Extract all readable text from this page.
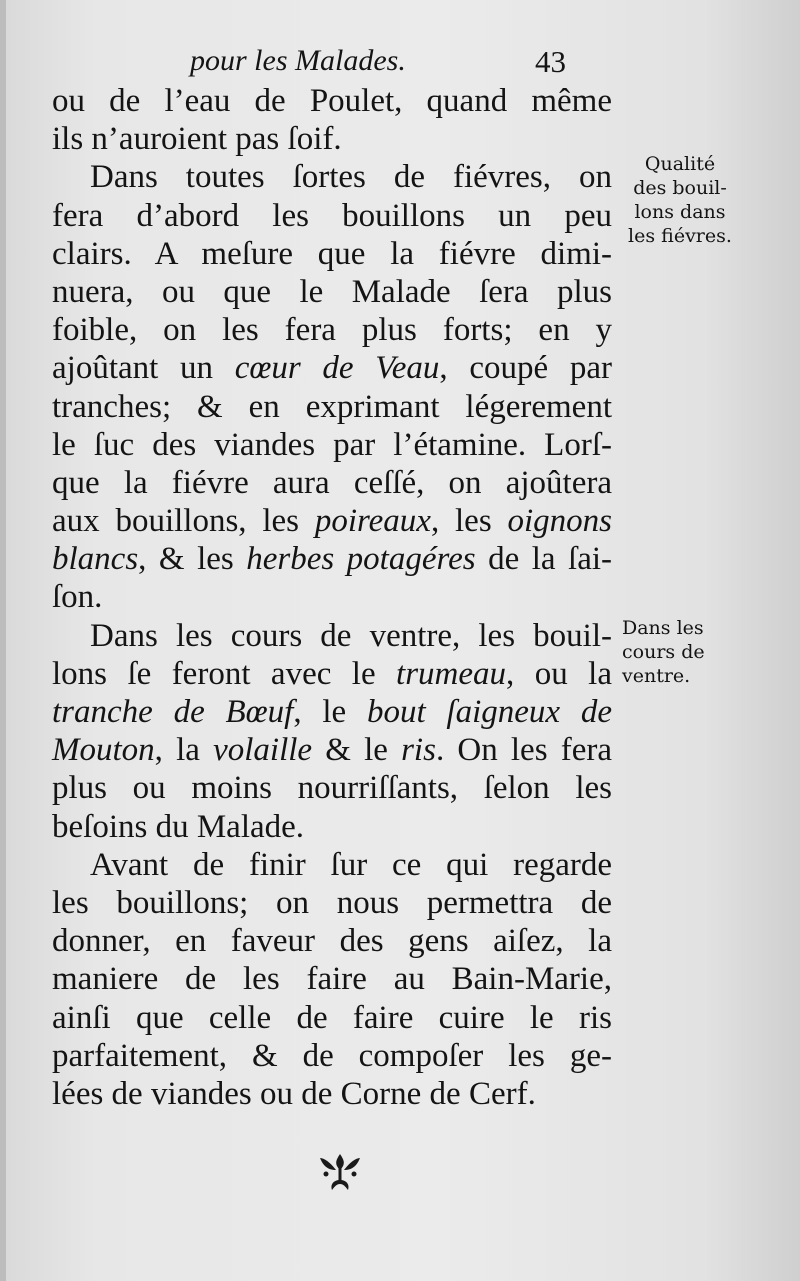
pour les Malades.	43
ou de l’eau de Poulet, quand même
ils n’auroient pas ſoif.
Dans toutes ſortes de fiévres, on
fera d’abord les bouillons un peu
clairs. A meſure que la fiévre dimi-
nuera, ou que le Malade ſera plus
foible, on les fera plus forts; en y
ajoûtant un cœur de Veau, coupé par
tranches; & en exprimant légerement
le ſuc des viandes par l’étamine. Lorſ-
que la fiévre aura ceſſé, on ajoûtera
aux bouillons, les poireaux, les oignons
blancs, & les herbes potagéres de la ſai-
ſon.
Dans les cours de ventre, les bouil-
lons ſe feront avec le trumeau, ou la
tranche de Bœuf, le bout ſaigneux de
Mouton, la volaille & le ris. On les fera
plus ou moins nourriſſants, ſelon les
beſoins du Malade.
Avant de finir ſur ce qui regarde
les bouillons; on nous permettra de
donner, en faveur des gens aiſez, la
maniere de les faire au Bain-Marie,
ainſi que celle de faire cuire le ris
parfaitement, & de compoſer les ge-
lées de viandes ou de Corne de Cerf.
Qualité
des bouil-
lons dans
les fiévres.
Dans les
cours de
ventre.
